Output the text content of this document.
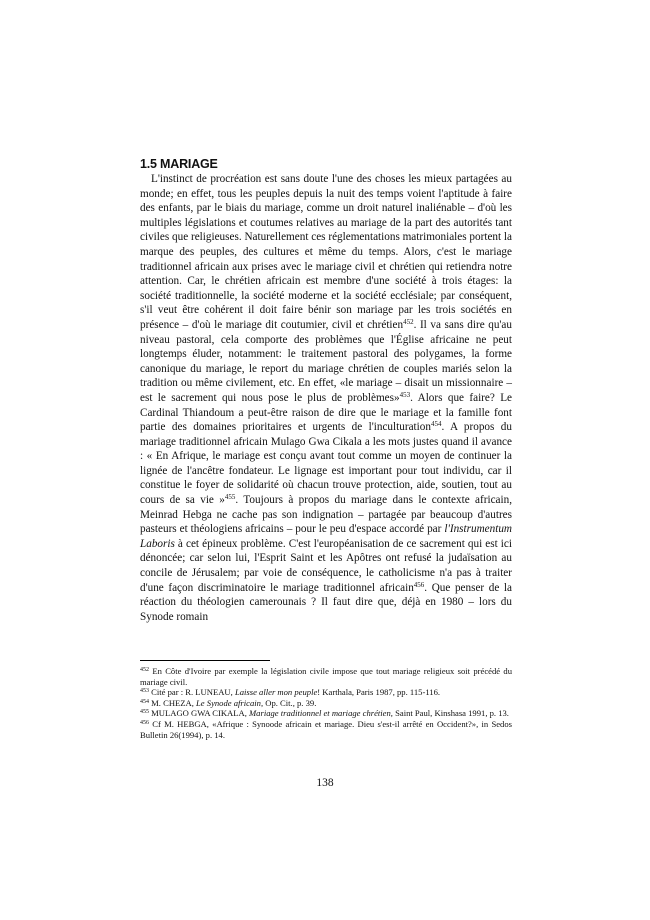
1.5 MARIAGE

L'instinct de procréation est sans doute l'une des choses les mieux partagées au monde; en effet, tous les peuples depuis la nuit des temps voient l'aptitude à faire des enfants, par le biais du mariage, comme un droit naturel inaliénable – d'où les multiples législations et coutumes relatives au mariage de la part des autorités tant civiles que religieuses. Naturellement ces réglementations matrimoniales portent la marque des peuples, des cultures et même du temps. Alors, c'est le mariage traditionnel africain aux prises avec le mariage civil et chrétien qui retiendra notre attention. Car, le chrétien africain est membre d'une société à trois étages: la société traditionnelle, la société moderne et la société ecclésiale; par conséquent, s'il veut être cohérent il doit faire bénir son mariage par les trois sociétés en présence – d'où le mariage dit coutumier, civil et chrétien$^{452}$. Il va sans dire qu'au niveau pastoral, cela comporte des problèmes que l'Église africaine ne peut longtemps éluder, notamment: le traitement pastoral des polygames, la forme canonique du mariage, le report du mariage chrétien de couples mariés selon la tradition ou même civilement, etc. En effet, «le mariage – disait un missionnaire – est le sacrement qui nous pose le plus de problèmes»$^{453}$. Alors que faire? Le Cardinal Thiandoum a peut-être raison de dire que le mariage et la famille font partie des domaines prioritaires et urgents de l'inculturation$^{454}$. A propos du mariage traditionnel africain Mulago Gwa Cikala a les mots justes quand il avance : « En Afrique, le mariage est conçu avant tout comme un moyen de continuer la lignée de l'ancêtre fondateur. Le lignage est important pour tout individu, car il constitue le foyer de solidarité où chacun trouve protection, aide, soutien, tout au cours de sa vie »$^{455}$. Toujours à propos du mariage dans le contexte africain, Meinrad Hebga ne cache pas son indignation – partagée par beaucoup d'autres pasteurs et théologiens africains – pour le peu d'espace accordé par l'Instrumentum Laboris à cet épineux problème. C'est l'européanisation de ce sacrement qui est ici dénoncée; car selon lui, l'Esprit Saint et les Apôtres ont refusé la judaïsation au concile de Jérusalem; par voie de conséquence, le catholicisme n'a pas à traiter d'une façon discriminatoire le mariage traditionnel africain$^{456}$. Que penser de la réaction du théologien camerounais ? Il faut dire que, déjà en 1980 – lors du Synode romain

$^{452}$ En Côte d'Ivoire par exemple la législation civile impose que tout mariage religieux soit précédé du mariage civil.

$^{453}$ Cité par : R. LUNEAU, Laisse aller mon peuple! Karthala, Paris 1987, pp. 115-116.

$^{454}$ M. CHEZA, Le Synode africain, Op. Cit., p. 39.

$^{455}$ MULAGO GWA CIKALA, Mariage traditionnel et mariage chrétien, Saint Paul, Kinshasa 1991, p. 13.

$^{456}$ Cf M. HEBGA, «Afrique : Synoode africain et mariage. Dieu s'est-il arrêté en Occident?», in Sedos Bulletin 26(1994), p. 14.

138
